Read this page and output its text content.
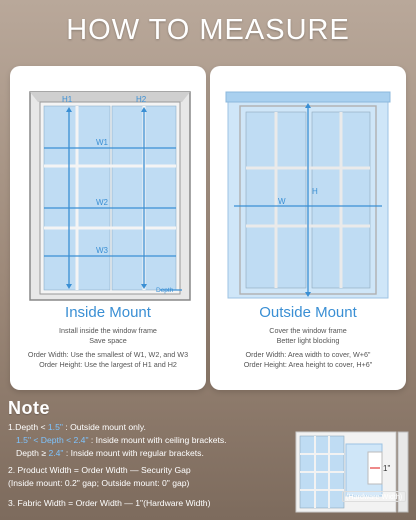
HOW TO MEASURE
H1	H2
W1
W2
W3
Depth
Inside Mount
Install inside the window frame
Save space
Order Width: Use the smallest of W1, W2, and W3
Order Height: Use the largest of H1 and H2
H
W
Outside Mount
Cover the window frame
Better light blocking
Order Width: Area width to cover, W+6"
Order Height: Area height to cover, H+6"
Note
1.Depth < 1.5" : Outside mount only.
1.5" < Depth < 2.4" : Inside mount with ceiling brackets.
Depth ≥ 2.4" : Inside mount with regular brackets.
2. Product Width = Order Width — Security Gap
(Inside mount: 0.2" gap; Outside mount: 0" gap)
3. Fabric Width = Order Width — 1"(Hardware Width)
1"
(Hardware Width)
